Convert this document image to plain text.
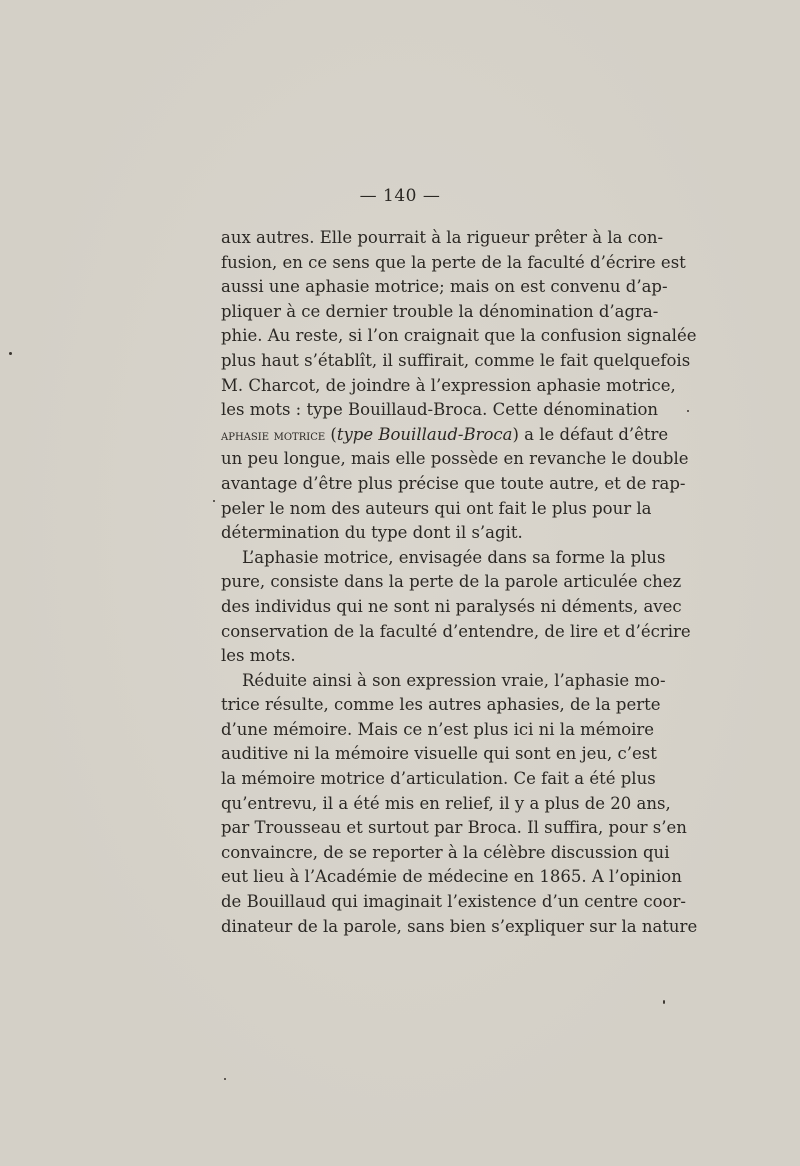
— 140 —
aux autres. Elle pourrait à la rigueur prêter à la con-
fusion, en ce sens que la perte de la faculté d’écrire est
aussi une aphasie motrice; mais on est convenu d’ap-
pliquer à ce dernier trouble la dénomination d’agra-
phie. Au reste, si l’on craignait que la confusion signalée
plus haut s’établît, il suffirait, comme le fait quelquefois
M. Charcot, de joindre à l’expression aphasie motrice,
les mots : type Bouillaud-Broca. Cette dénomination
aphasie motrice (type Bouillaud-Broca) a le défaut d’être
un peu longue, mais elle possède en revanche le double
avantage d’être plus précise que toute autre, et de rap-
peler le nom des auteurs qui ont fait le plus pour la
détermination du type dont il s’agit.
L’aphasie motrice, envisagée dans sa forme la plus
pure, consiste dans la perte de la parole articulée chez
des individus qui ne sont ni paralysés ni déments, avec
conservation de la faculté d’entendre, de lire et d’écrire
les mots.
Réduite ainsi à son expression vraie, l’aphasie mo-
trice résulte, comme les autres aphasies, de la perte
d’une mémoire. Mais ce n’est plus ici ni la mémoire
auditive ni la mémoire visuelle qui sont en jeu, c’est
la mémoire motrice d’articulation. Ce fait a été plus
qu’entrevu, il a été mis en relief, il y a plus de 20 ans,
par Trousseau et surtout par Broca. Il suffira, pour s’en
convaincre, de se reporter à la célèbre discussion qui
eut lieu à l’Académie de médecine en 1865. A l’opinion
de Bouillaud qui imaginait l’existence d’un centre coor-
dinateur de la parole, sans bien s’expliquer sur la nature
